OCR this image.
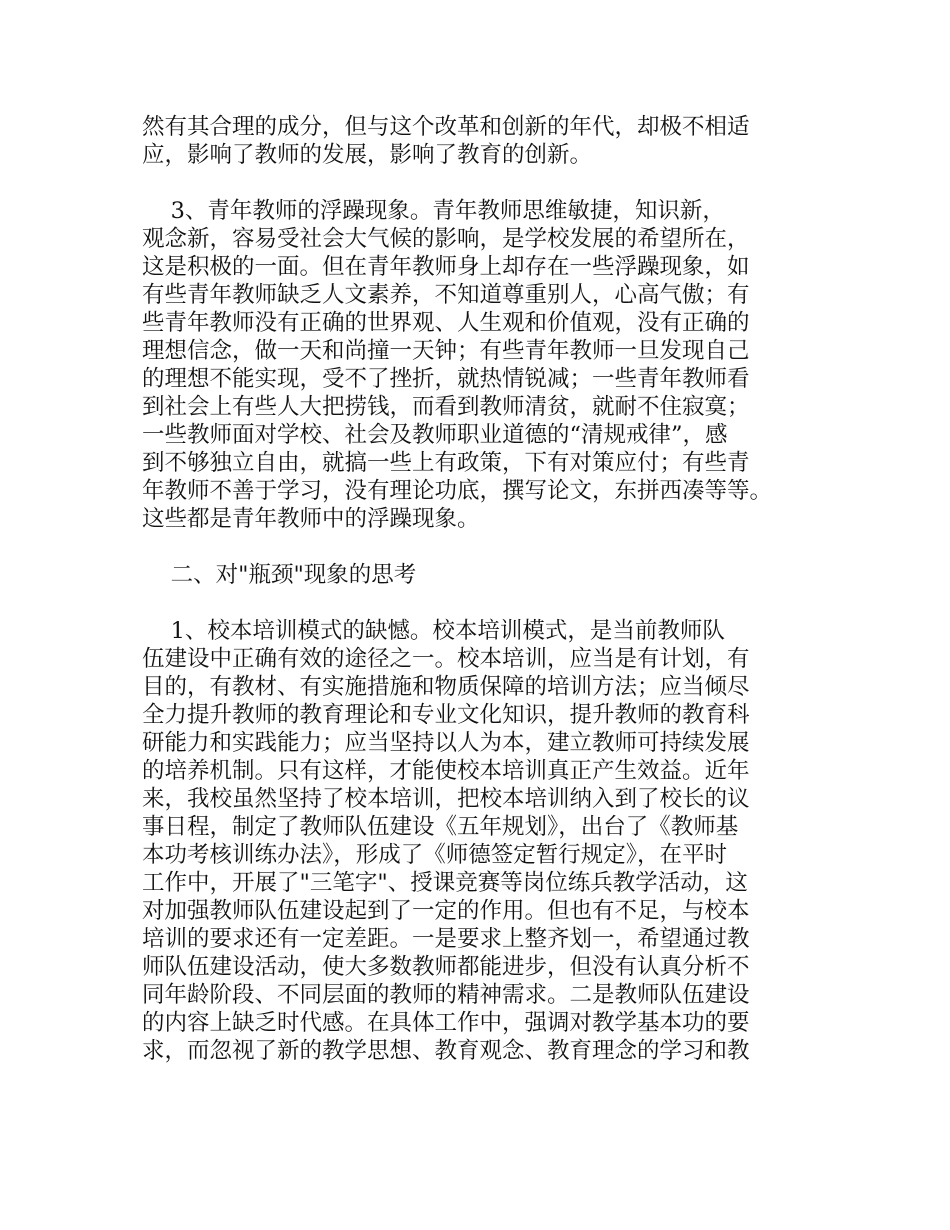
然有其合理的成分，但与这个改革和创新的年代，却极不相适
应，影响了教师的发展，影响了教育的创新。

3、青年教师的浮躁现象。青年教师思维敏捷，知识新，
观念新，容易受社会大气候的影响，是学校发展的希望所在，
这是积极的一面。但在青年教师身上却存在一些浮躁现象，如
有些青年教师缺乏人文素养，不知道尊重别人，心高气傲；有
些青年教师没有正确的世界观、人生观和价值观，没有正确的
理想信念，做一天和尚撞一天钟；有些青年教师一旦发现自己
的理想不能实现，受不了挫折，就热情锐减；一些青年教师看
到社会上有些人大把捞钱，而看到教师清贫，就耐不住寂寞；
一些教师面对学校、社会及教师职业道德的“清规戒律”，感
到不够独立自由，就搞一些上有政策，下有对策应付；有些青
年教师不善于学习，没有理论功底，撰写论文，东拼西凑等等。
这些都是青年教师中的浮躁现象。

二、对"瓶颈"现象的思考

1、校本培训模式的缺憾。校本培训模式，是当前教师队
伍建设中正确有效的途径之一。校本培训，应当是有计划，有
目的，有教材、有实施措施和物质保障的培训方法；应当倾尽
全力提升教师的教育理论和专业文化知识，提升教师的教育科
研能力和实践能力；应当坚持以人为本，建立教师可持续发展
的培养机制。只有这样，才能使校本培训真正产生效益。近年
来，我校虽然坚持了校本培训，把校本培训纳入到了校长的议
事日程，制定了教师队伍建设《五年规划》，出台了《教师基
本功考核训练办法》，形成了《师德签定暂行规定》，在平时
工作中，开展了"三笔字"、授课竞赛等岗位练兵教学活动，这
对加强教师队伍建设起到了一定的作用。但也有不足，与校本
培训的要求还有一定差距。一是要求上整齐划一，希望通过教
师队伍建设活动，使大多数教师都能进步，但没有认真分析不
同年龄阶段、不同层面的教师的精神需求。二是教师队伍建设
的内容上缺乏时代感。在具体工作中，强调对教学基本功的要
求，而忽视了新的教学思想、教育观念、教育理念的学习和教
